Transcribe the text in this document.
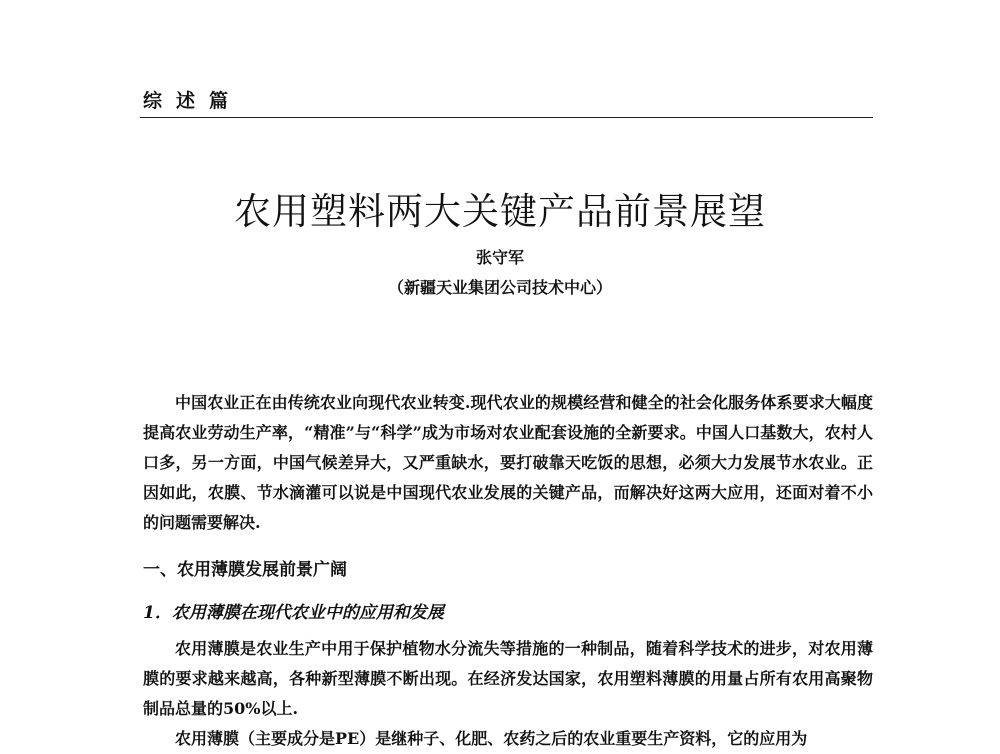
综述篇
农用塑料两大关键产品前景展望
张守军
（新疆天业集团公司技术中心）

中国农业正在由传统农业向现代农业转变.现代农业的规模经营和健全的社会化服务体系要求大幅度提高农业劳动生产率，“精准”与“科学”成为市场对农业配套设施的全新要求。中国人口基数大，农村人口多，另一方面，中国气候差异大，又严重缺水，要打破靠天吃饭的思想，必须大力发展节水农业。正因如此，农膜、节水滴灌可以说是中国现代农业发展的关键产品，而解决好这两大应用，还面对着不小的问题需要解决.

一、农用薄膜发展前景广阔
1．农用薄膜在现代农业中的应用和发展

农用薄膜是农业生产中用于保护植物水分流失等措施的一种制品，随着科学技术的进步，对农用薄膜的要求越来越高，各种新型薄膜不断出现。在经济发达国家，农用塑料薄膜的用量占所有农用高聚物制品总量的50%以上.

农用薄膜（主要成分是PE）是继种子、化肥、农药之后的农业重要生产资料，它的应用为
